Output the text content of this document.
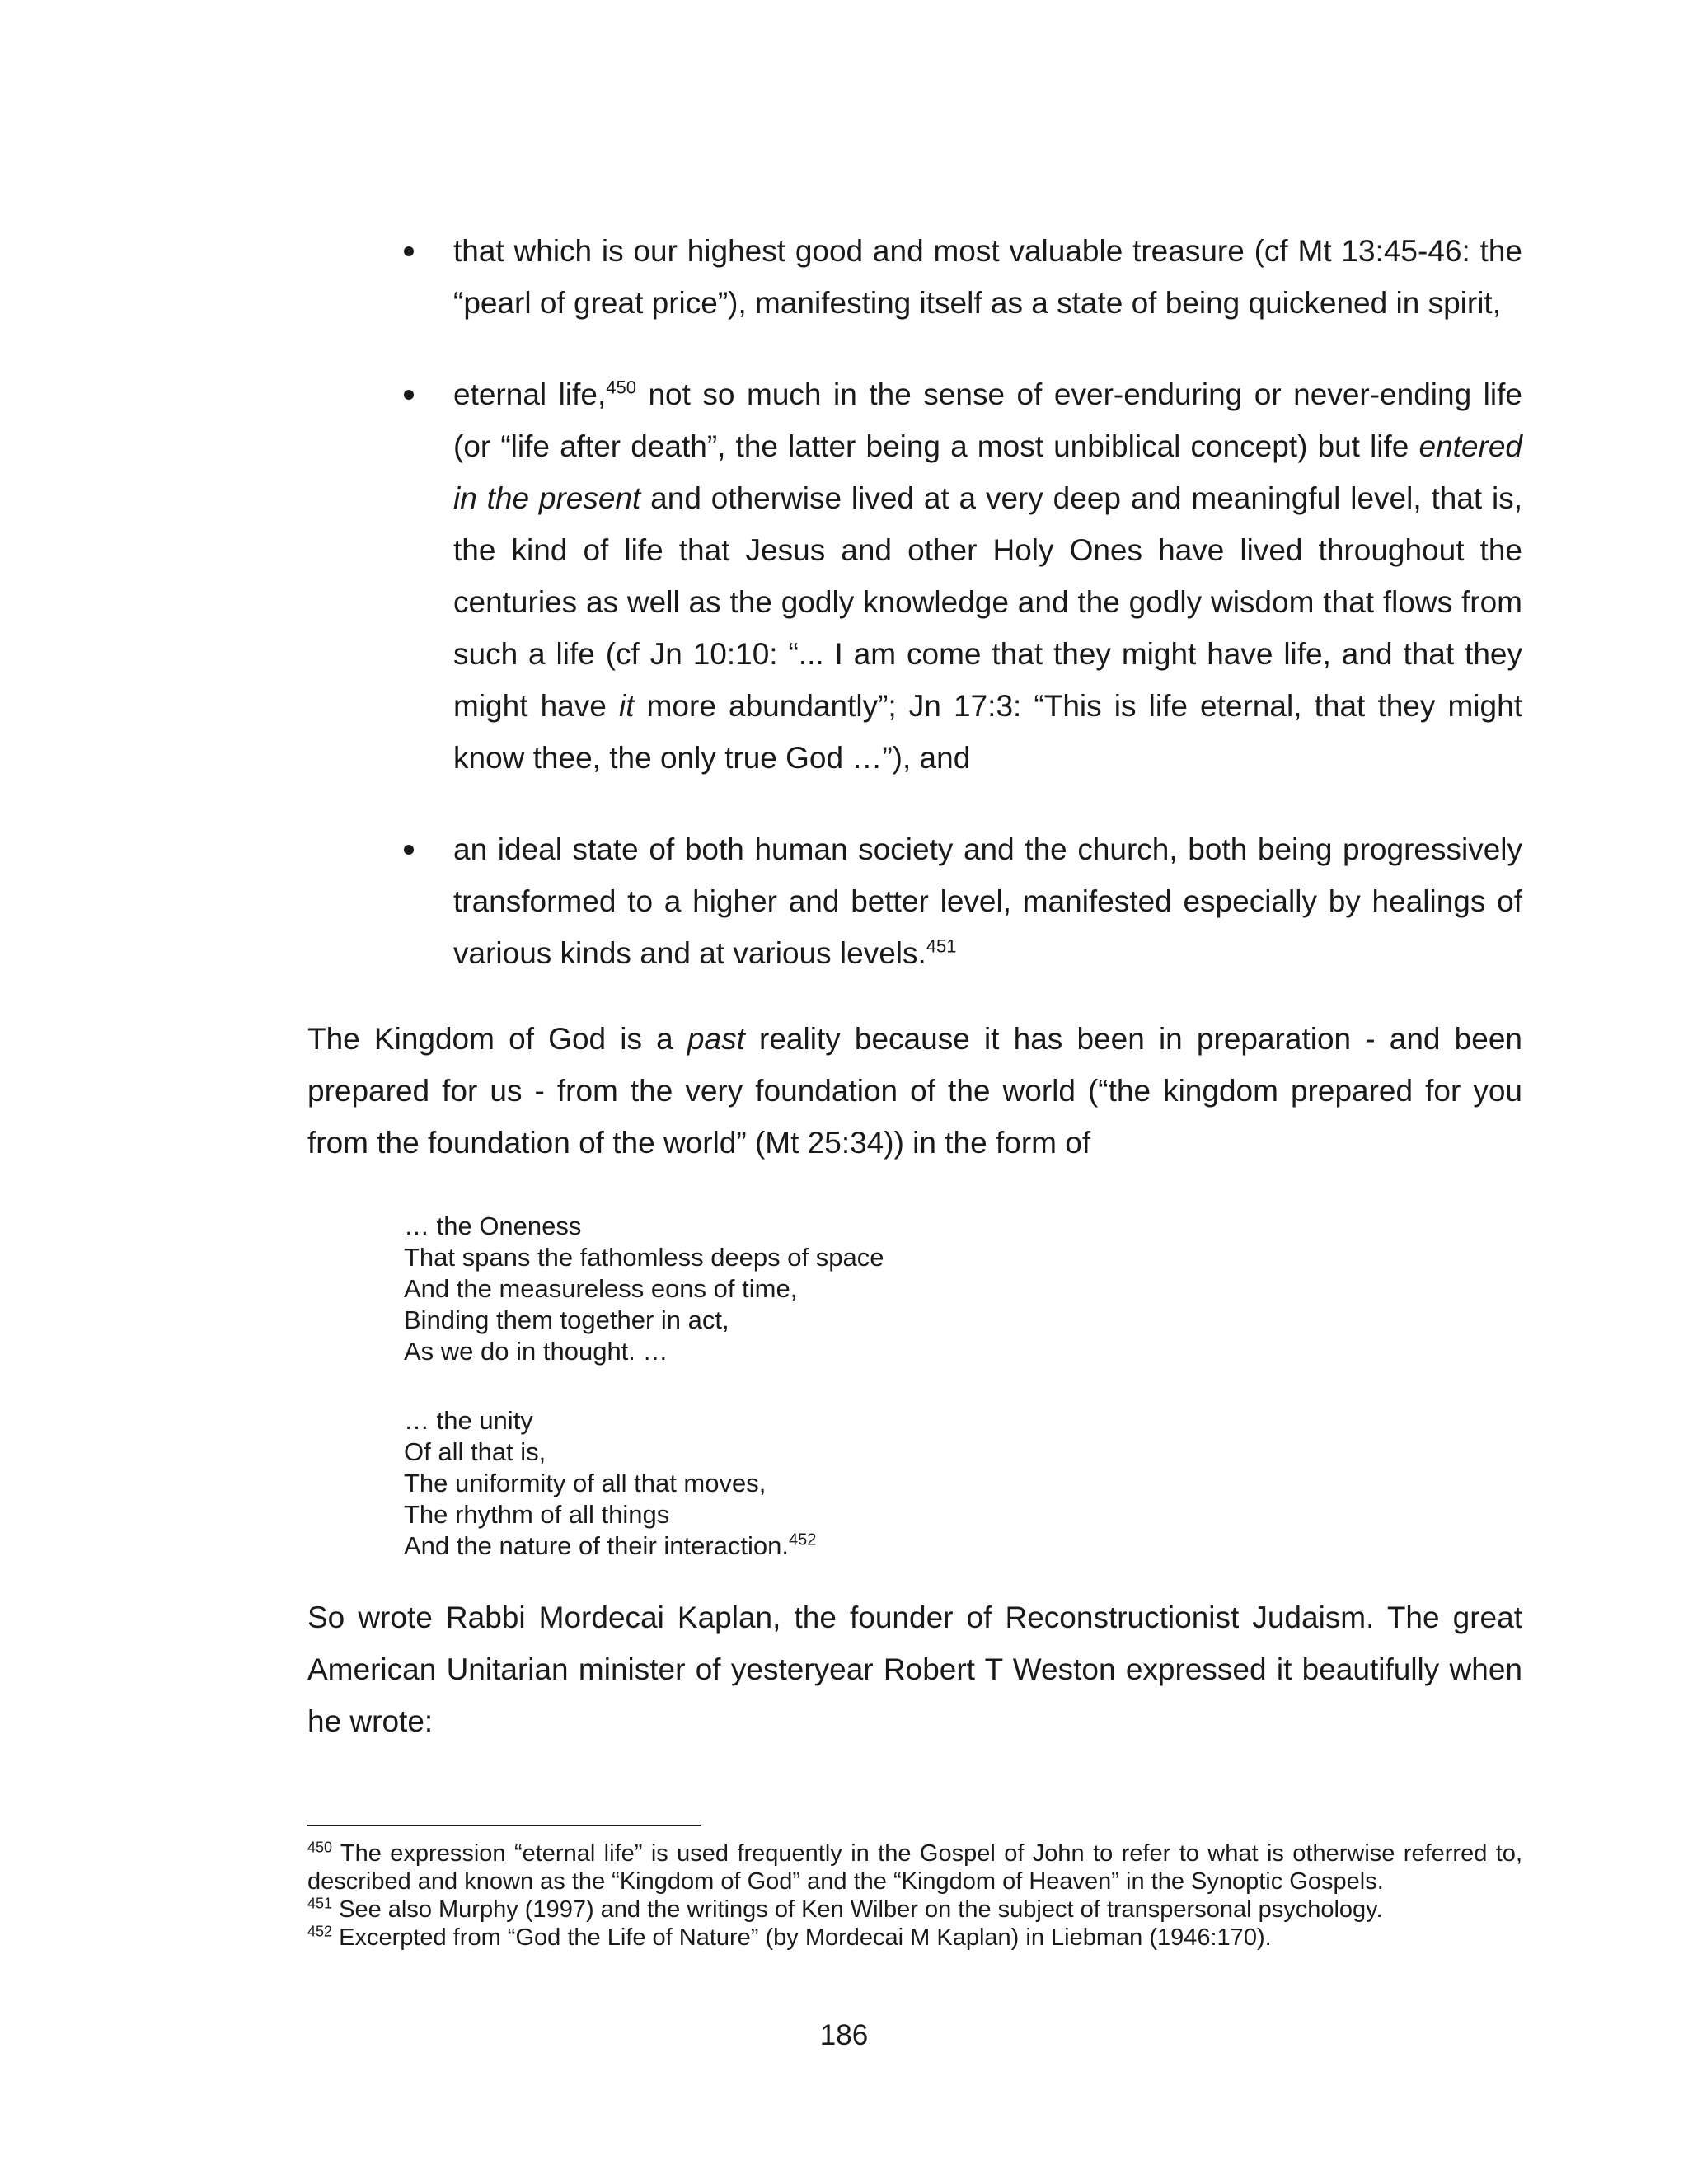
that which is our highest good and most valuable treasure (cf Mt 13:45-46: the “pearl of great price”), manifesting itself as a state of being quickened in spirit,

eternal life,$^{450}$ not so much in the sense of ever-enduring or never-ending life (or “life after death”, the latter being a most unbiblical concept) but life entered in the present and otherwise lived at a very deep and meaningful level, that is, the kind of life that Jesus and other Holy Ones have lived throughout the centuries as well as the godly knowledge and the godly wisdom that flows from such a life (cf Jn 10:10: “... I am come that they might have life, and that they might have it more abundantly”; Jn 17:3: “This is life eternal, that they might know thee, the only true God …”), and

an ideal state of both human society and the church, both being progressively transformed to a higher and better level, manifested especially by healings of various kinds and at various levels.$^{451}$

The Kingdom of God is a past reality because it has been in preparation - and been prepared for us - from the very foundation of the world (“the kingdom prepared for you from the foundation of the world” (Mt 25:34)) in the form of

… the Oneness
That spans the fathomless deeps of space
And the measureless eons of time,
Binding them together in act,
As we do in thought. …
… the unity
Of all that is,
The uniformity of all that moves,
The rhythm of all things
And the nature of their interaction.$^{452}$

So wrote Rabbi Mordecai Kaplan, the founder of Reconstructionist Judaism. The great American Unitarian minister of yesteryear Robert T Weston expressed it beautifully when he wrote:

$^{450}$ The expression “eternal life” is used frequently in the Gospel of John to refer to what is otherwise referred to, described and known as the “Kingdom of God” and the “Kingdom of Heaven” in the Synoptic Gospels.
$^{451}$ See also Murphy (1997) and the writings of Ken Wilber on the subject of transpersonal psychology.
$^{452}$ Excerpted from “God the Life of Nature” (by Mordecai M Kaplan) in Liebman (1946:170).
186
